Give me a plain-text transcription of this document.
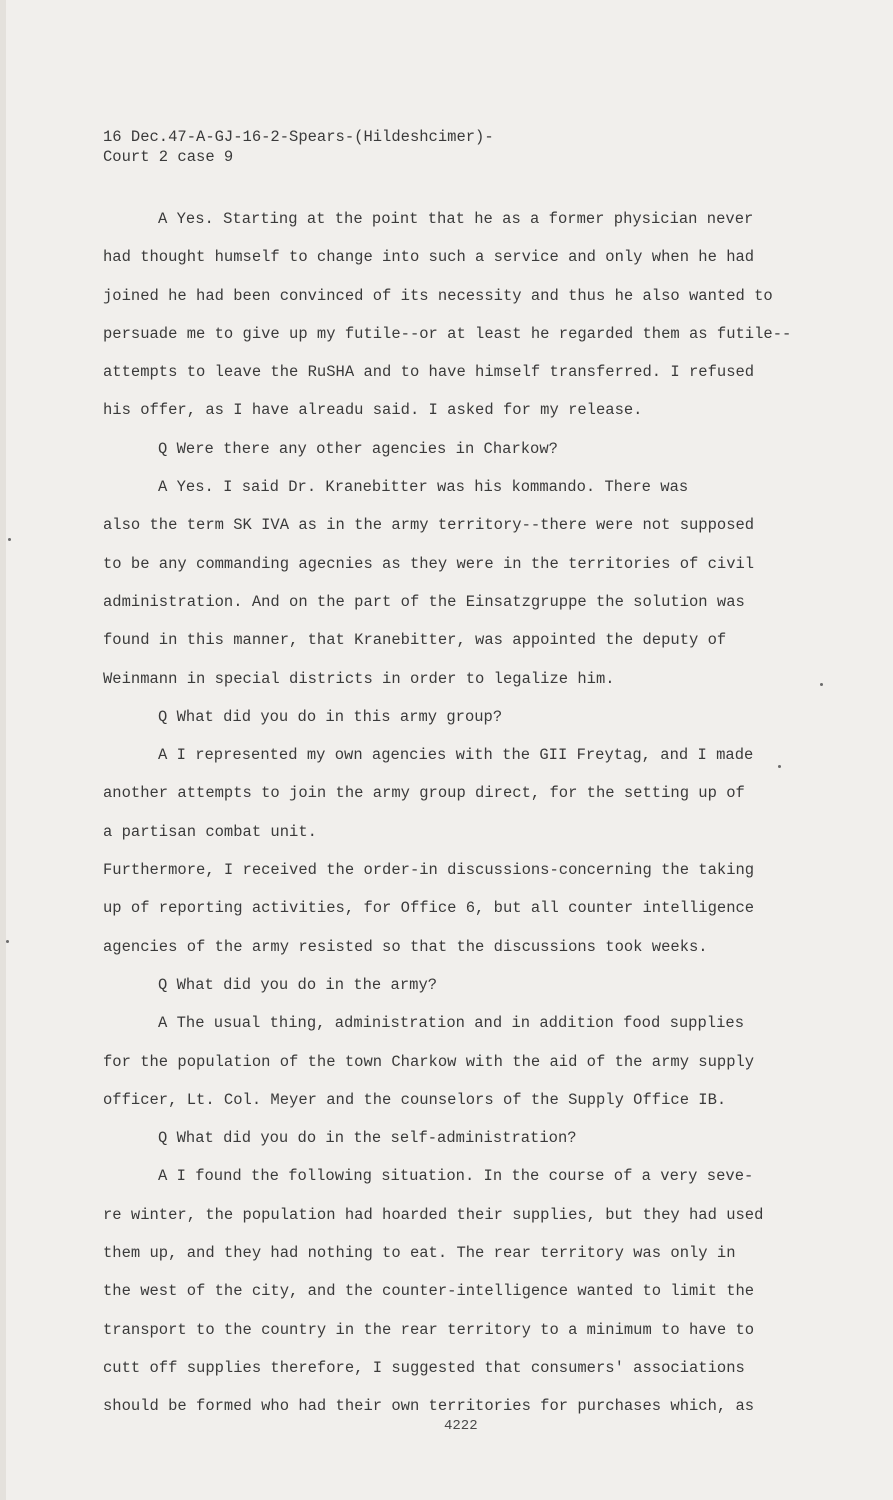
16 Dec.47-A-GJ-16-2-Spears-(Hildeshcimer)-
Court 2 case 9
A Yes. Starting at the point that he as a former physician never
had thought humself to change into such a service and only when he had
joined he had been convinced of its necessity and thus he also wanted to
persuade me to give up my futile--or at least he regarded them as futile--
attempts to leave the RuSHA and to have himself transferred. I refused
his offer, as I have alreadu said. I asked for my release.
Q Were there any other agencies in Charkow?
A Yes. I said Dr. Kranebitter was his kommando. There was
also the term SK IVA as in the army territory--there were not supposed
to be any commanding agecnies as they were in the territories of civil
administration. And on the part of the Einsatzgruppe the solution was
found in this manner, that Kranebitter, was appointed the deputy of
Weinmann in special districts in order to legalize him.
Q What did you do in this army group?
A I represented my own agencies with the GII Freytag, and I made
another attempts to join the army group direct, for the setting up of
a partisan combat unit.
Furthermore, I received the order-in discussions-concerning the taking
up of reporting activities, for Office 6, but all counter intelligence
agencies of the army resisted so that the discussions took weeks.
Q What did you do in the army?
A The usual thing, administration and in addition food supplies
for the population of the town Charkow with the aid of the army supply
officer, Lt. Col. Meyer and the counselors of the Supply Office IB.
Q What did you do in the self-administration?
A I found the following situation. In the course of a very seve-
re winter, the population had hoarded their supplies, but they had used
them up, and they had nothing to eat. The rear territory was only in
the west of the city, and the counter-intelligence wanted to limit the
transport to the country in the rear territory to a minimum to have to
cutt off supplies therefore, I suggested that consumers' associations
should be formed who had their own territories for purchases which, as
4222
